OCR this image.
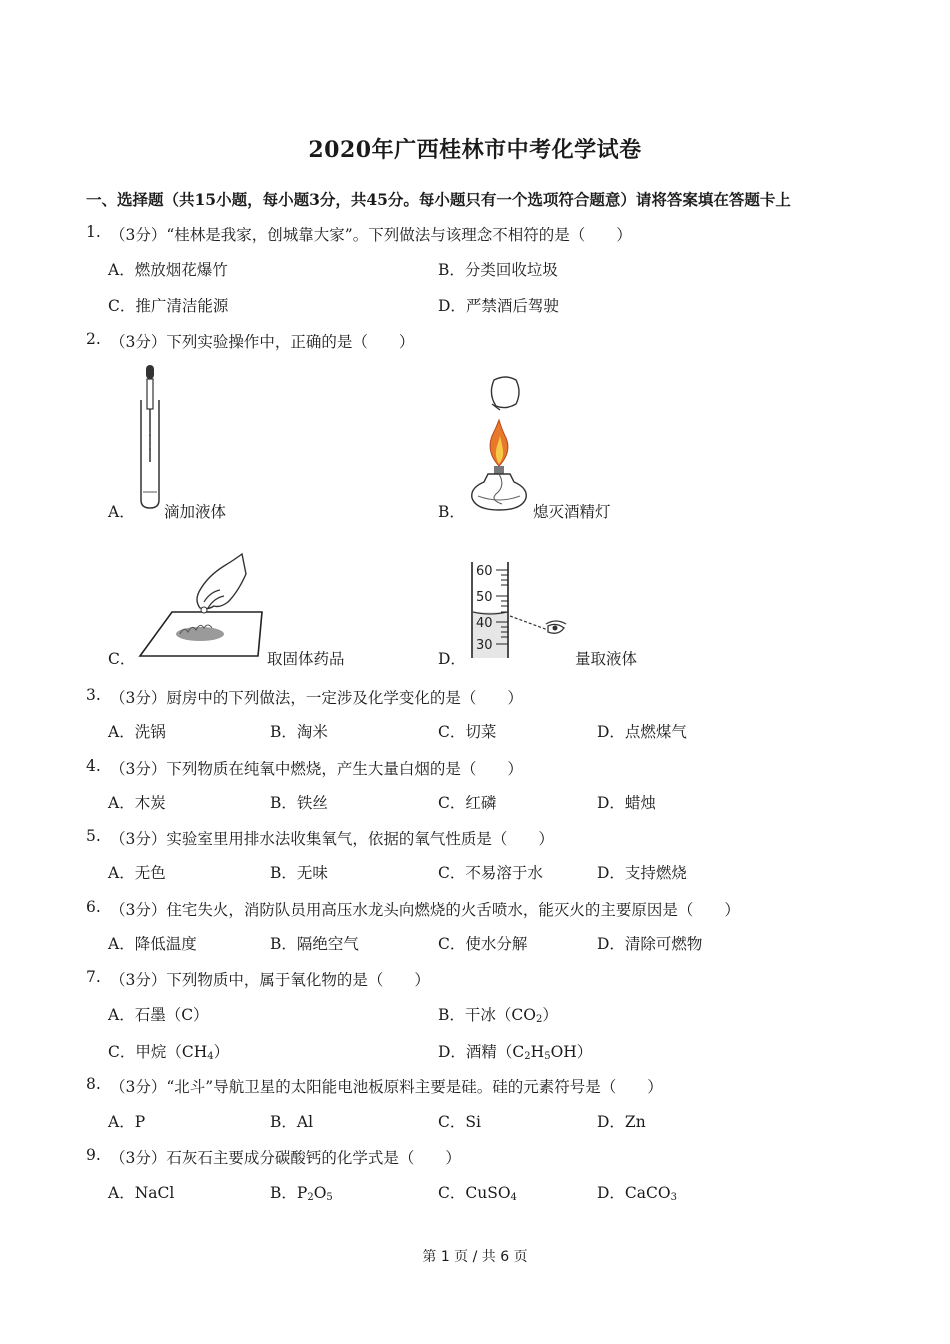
2020年广西桂林市中考化学试卷
一、选择题（共15小题，每小题3分，共45分。每小题只有一个选项符合题意）请将答案填在答题卡上
1. （3分）“桂林是我家，创城靠大家”。下列做法与该理念不相符的是（　　）
A．燃放烟花爆竹	B．分类回收垃圾
C．推广清洁能源	D．严禁酒后驾驶
2. （3分）下列实验操作中，正确的是（　　）
A． 滴加液体	B．	熄灭酒精灯
C．	取固体药品
60
50
40
30
D．	量取液体
3. （3分）厨房中的下列做法，一定涉及化学变化的是（　　）
A．洗锅	B．淘米	C．切菜	D．点燃煤气
4. （3分）下列物质在纯氧中燃烧，产生大量白烟的是（　　）
A．木炭	B．铁丝	C．红磷	D．蜡烛
5. （3分）实验室里用排水法收集氧气，依据的氧气性质是（　　）
A．无色	B．无味	C．不易溶于水	D．支持燃烧
6. （3分）住宅失火，消防队员用高压水龙头向燃烧的火舌喷水，能灭火的主要原因是（　　）
A．降低温度	B．隔绝空气	C．使水分解	D．清除可燃物
7. （3分）下列物质中，属于氧化物的是（　　）
A．石墨（C）	B．干冰$(CO_2)$
C．甲烷$(CH_4)$	D．酒精$(C_2H_5OH)$
8. （3分）“北斗”导航卫星的太阳能电池板原料主要是硅。硅的元素符号是（　　）
A．P	B．Al	C．Si	D．Zn
9. （3分）石灰石主要成分碳酸钙的化学式是（　　）
A．NaCl	B．$P_2O_5$	C．CuSO$_4$	D．CaCO$_3$
第 1 页 / 共 6 页
